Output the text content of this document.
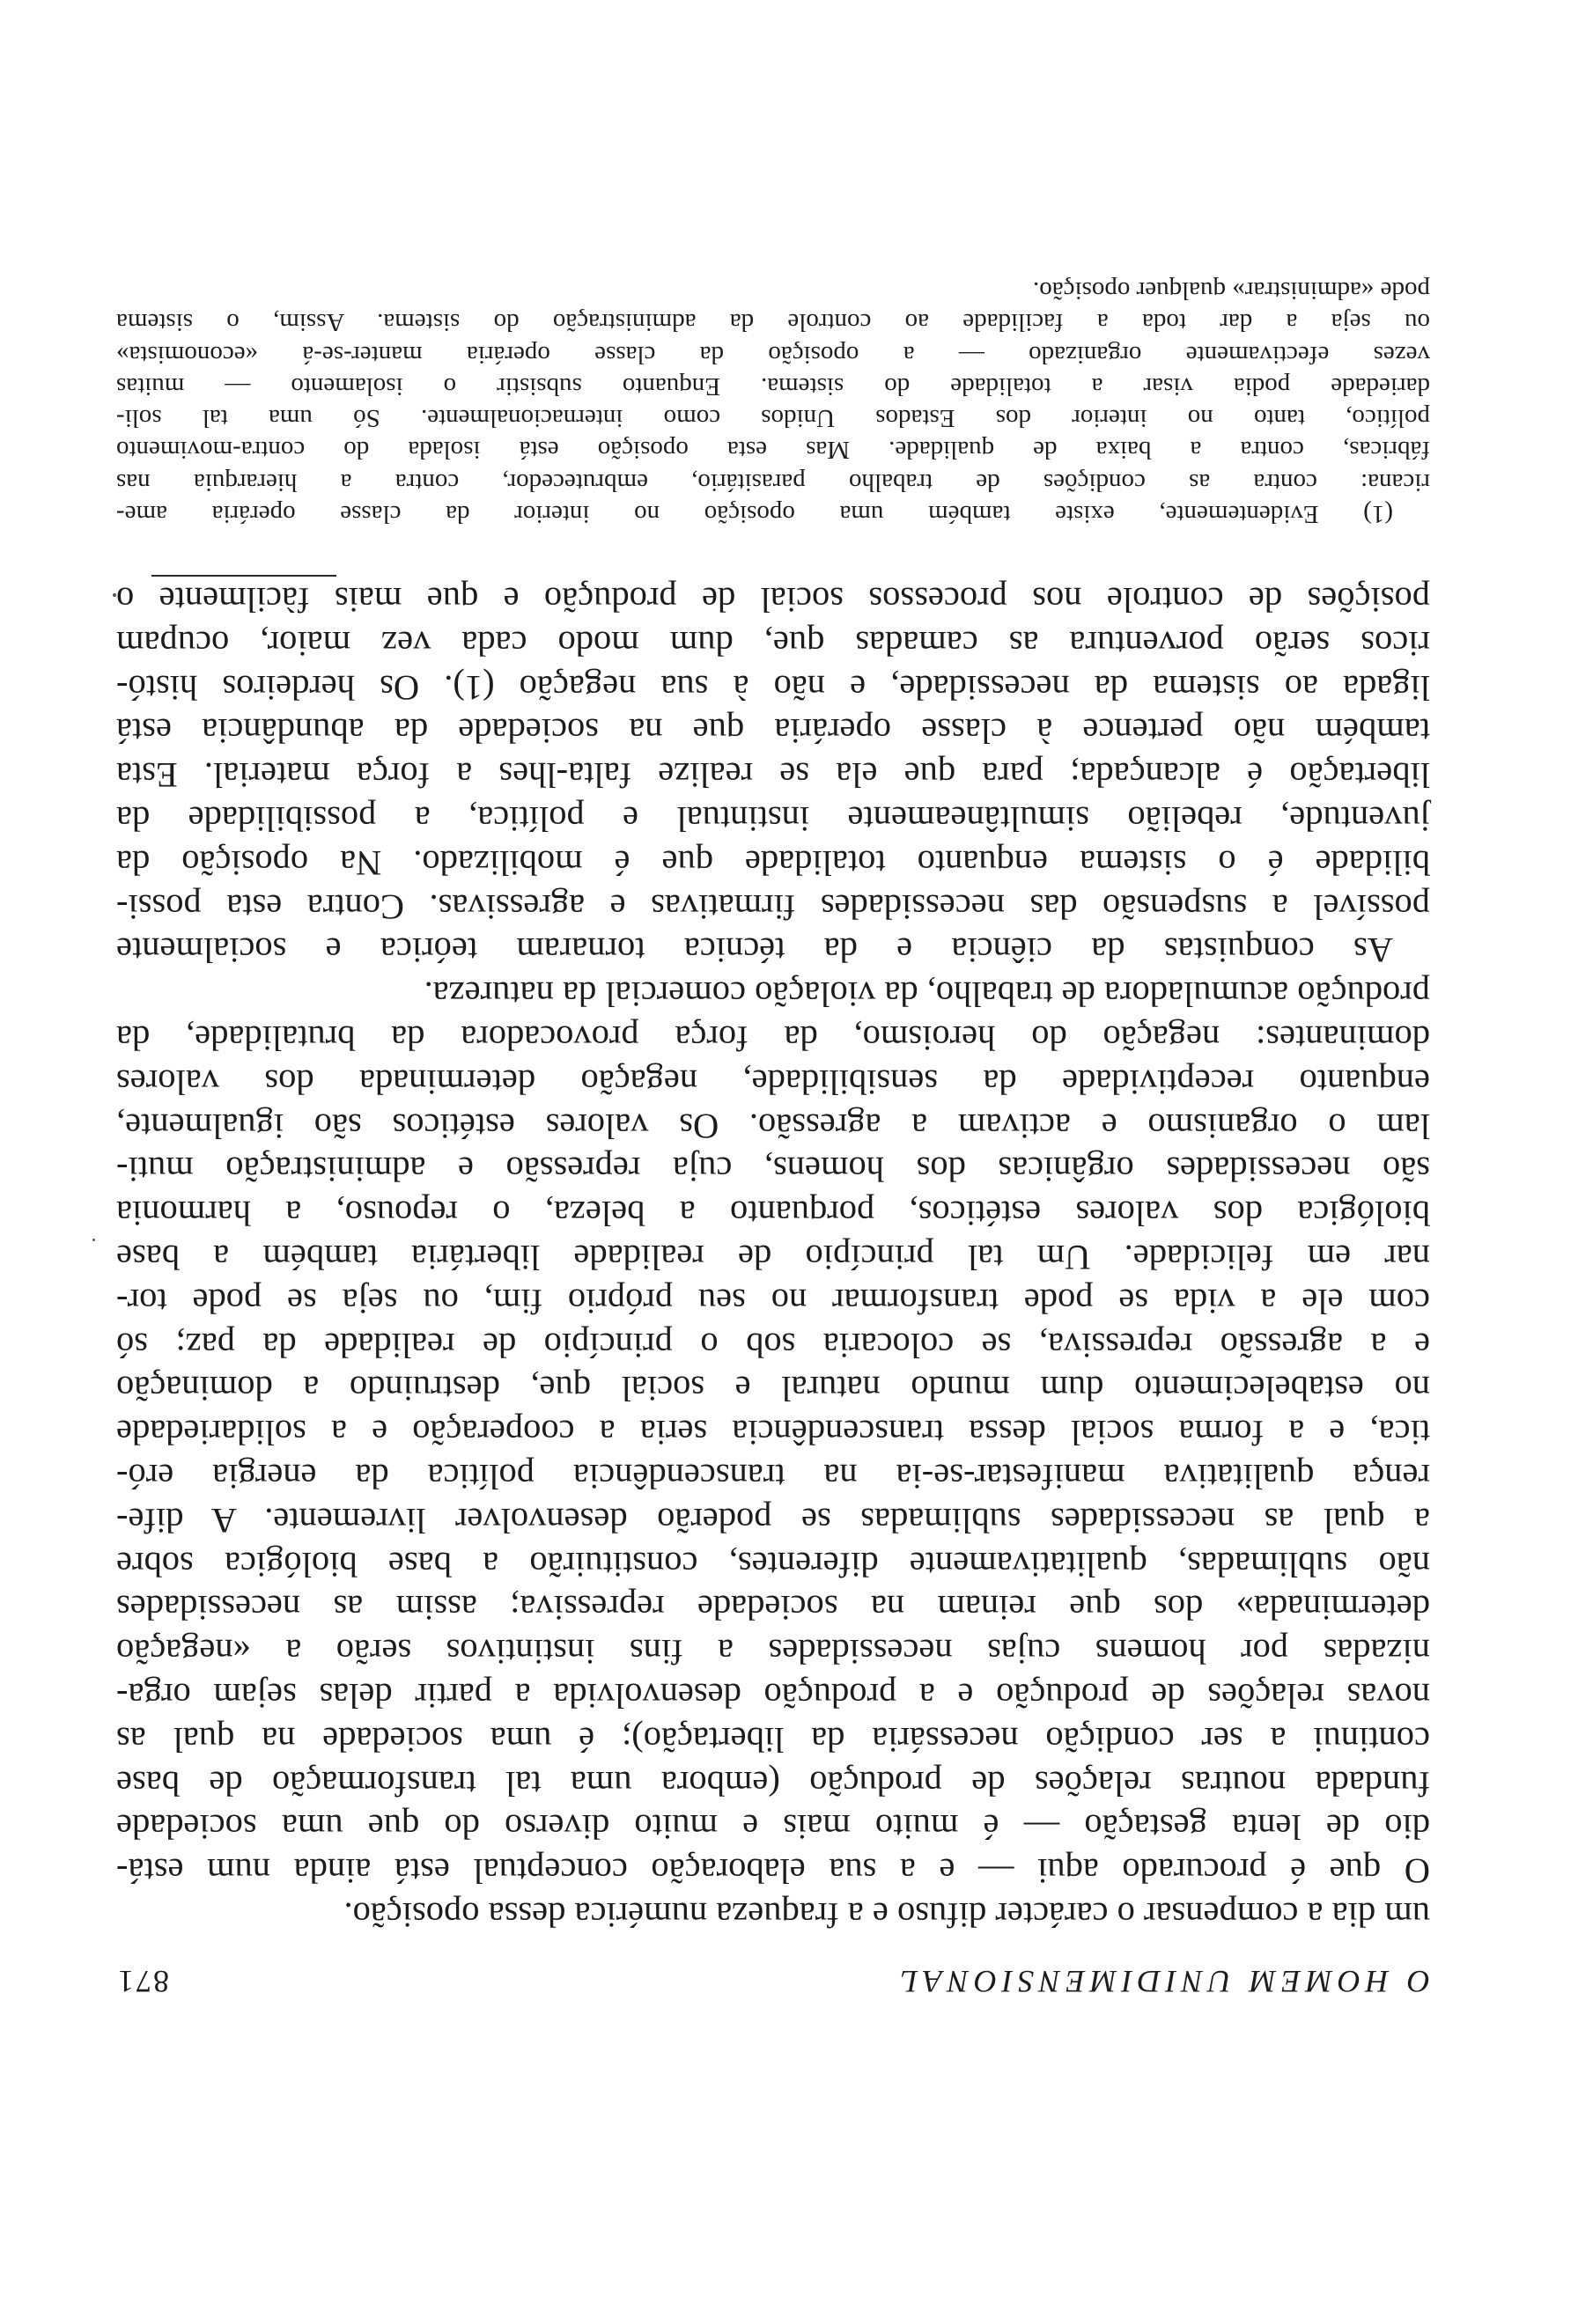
O HOMEM UNIDIMENSIONAL
871
um dia a compensar o carácter difuso e a fraqueza numérica dessa oposição.
O que é procurado aqui — e a sua elaboração conceptual está ainda num está-
dio de lenta gestação — é muito mais e muito diverso do que uma sociedade
fundada noutras relações de produção (embora uma tal transformação de base
continui a ser condição necessária da libertação); é uma sociedade na qual as
novas relações de produção e a produção desenvolvida a partir delas sejam orga-
nizadas por homens cujas necessidades a fins instintivos serão a «negação
determinada» dos que reinam na sociedade repressiva; assim as necessidades
não sublimadas, qualitativamente diferentes, constituirão a base biológica sobre
a qual as necessidades sublimadas se poderão desenvolver livremente. A dife-
rença qualitativa manifestar-se-ia na transcendência política da energia eró-
tica, e a forma social dessa transcendência seria a cooperação e a solidariedade
no estabelecimento dum mundo natural e social que, destruindo a dominação
e a agressão repressiva, se colocaria sob o princípio de realidade da paz; só
com ele a vida se pode transformar no seu próprio fim, ou seja se pode tor-
nar em felicidade. Um tal princípio de realidade libertária também a base
biológica dos valores estéticos, porquanto a beleza, o repouso, a harmonia
são necessidades orgânicas dos homens, cuja repressão e administração muti-
lam o organismo e activam a agressão. Os valores estéticos são igualmente,
enquanto receptividade da sensibilidade, negação determinada dos valores
dominantes: negação do heroismo, da força provocadora da brutalidade, da
produção acumuladora de trabalho, da violação comercial da natureza.
As conquistas da ciência e da técnica tornaram teórica e socialmente
possível a suspensão das necessidades firmativas e agressivas. Contra esta possi-
bilidade é o sistema enquanto totalidade que é mobilizado. Na oposição da
juventude, rebelião simultâneamente instintual e política, a possibilidade da
libertação é alcançada; para que ela se realize falta-lhes a força material. Esta
também não pertence à classe operária que na sociedade da abundância está
ligada ao sistema da necessidade, e não à sua negação (1). Os herdeiros histó-
ricos serão porventura as camadas que, dum modo cada vez maior, ocupam
posições de controle nos processos social de produção e que mais fàcilmente o
(1) Evidentemente, existe também uma oposição no interior da classe operária ame-
ricana: contra as condições de trabalho parasitário, embrutecedor, contra a hierarquia nas
fábricas, contra a baixa de qualidade. Mas esta oposição está isolada do contra-movimento
político, tanto no interior dos Estados Unidos como internacionalmente. Só uma tal soli-
dariedade podia visar a totalidade do sistema. Enquanto subsistir o isolamento — muitas
vezes efectivamente organizado — a oposição da classe operária manter-se-á «economista»
ou seja a dar toda a facilidade ao controle da administração do sistema. Assim, o sistema
pode «administrar» qualquer oposição.
